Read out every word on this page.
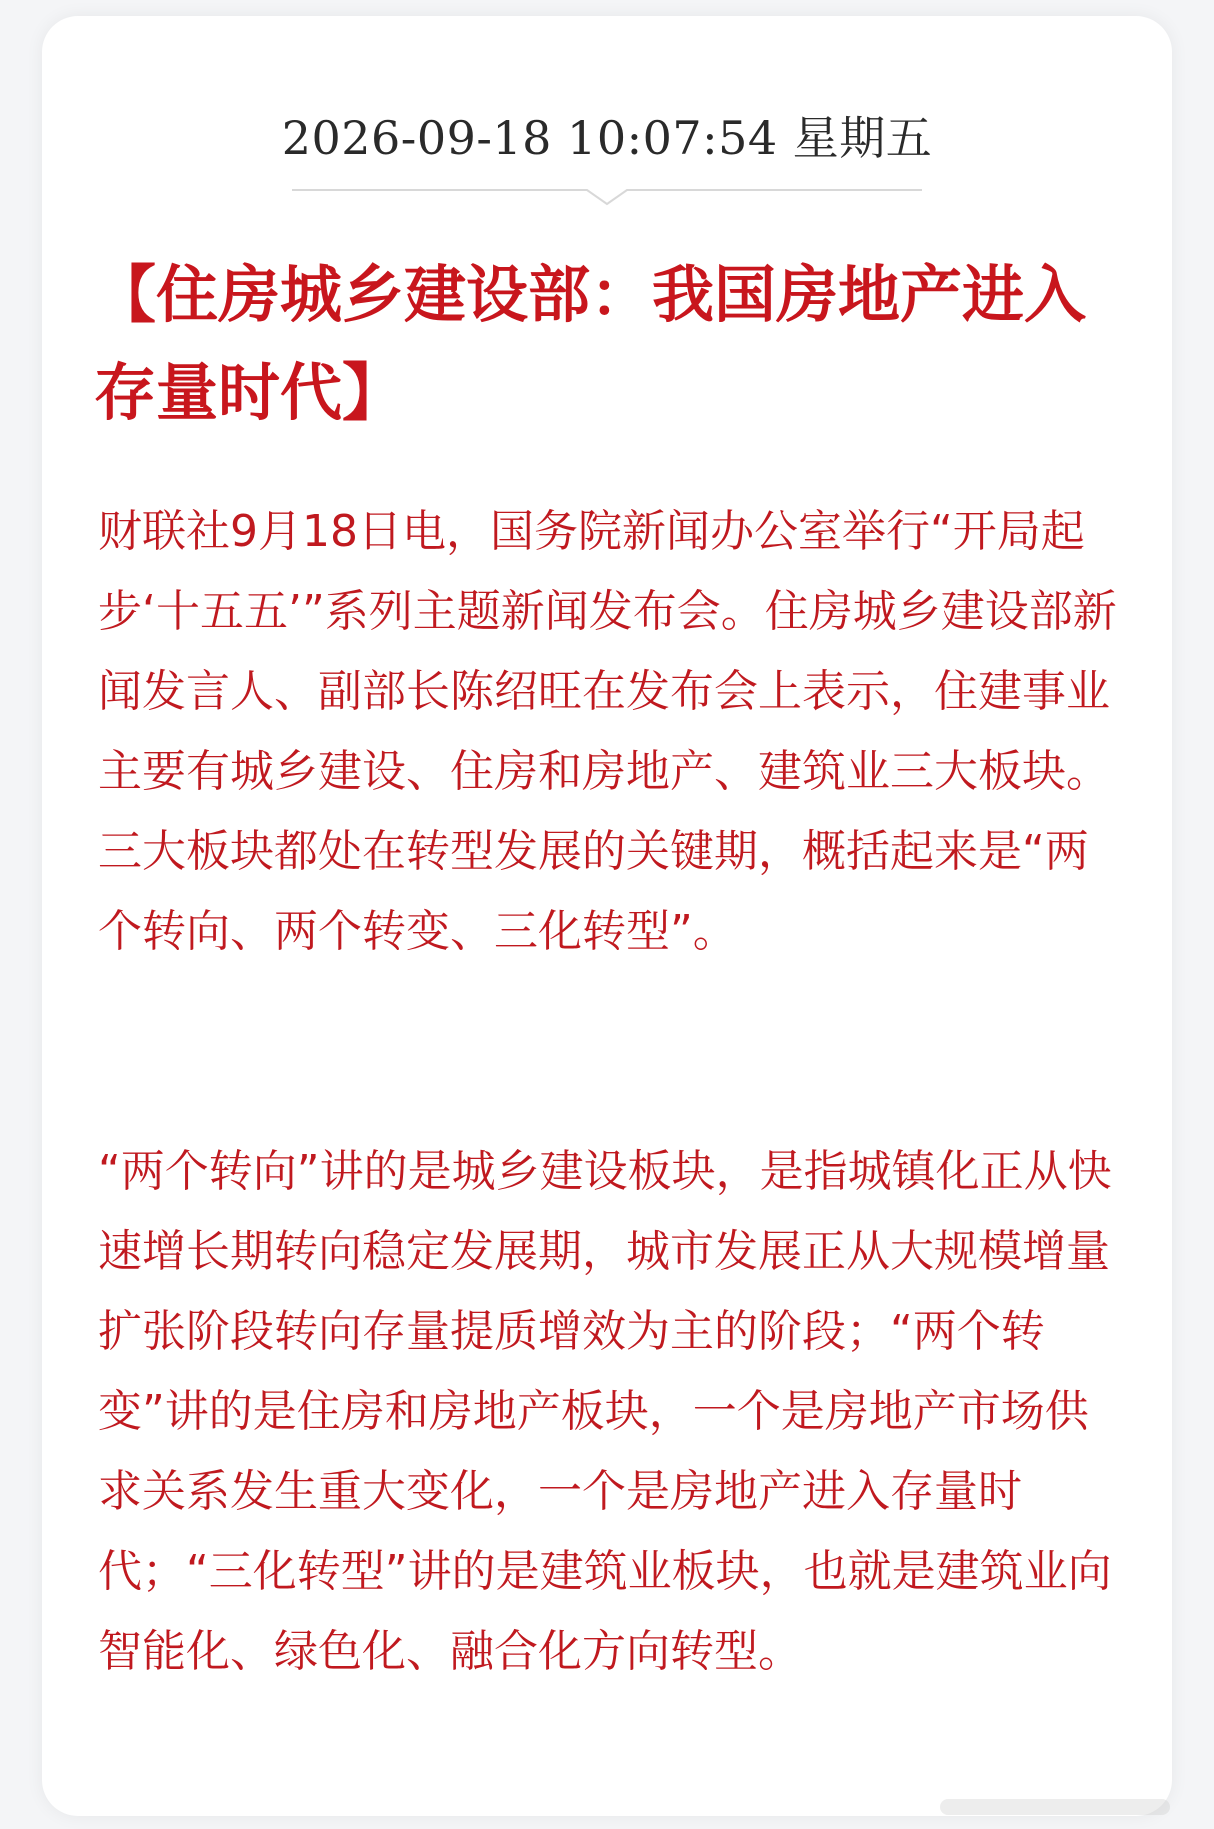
2026-09-18 10:07:54 星期五
【住房城乡建设部：我国房地产进入存量时代】

财联社9月18日电，国务院新闻办公室举行“开局起步‘十五五’”系列主题新闻发布会。住房城乡建设部新闻发言人、副部长陈绍旺在发布会上表示，住建事业主要有城乡建设、住房和房地产、建筑业三大板块。三大板块都处在转型发展的关键期，概括起来是“两个转向、两个转变、三化转型”。

“两个转向”讲的是城乡建设板块，是指城镇化正从快速增长期转向稳定发展期，城市发展正从大规模增量扩张阶段转向存量提质增效为主的阶段；“两个转变”讲的是住房和房地产板块，一个是房地产市场供求关系发生重大变化，一个是房地产进入存量时代；“三化转型”讲的是建筑业板块，也就是建筑业向智能化、绿色化、融合化方向转型。
